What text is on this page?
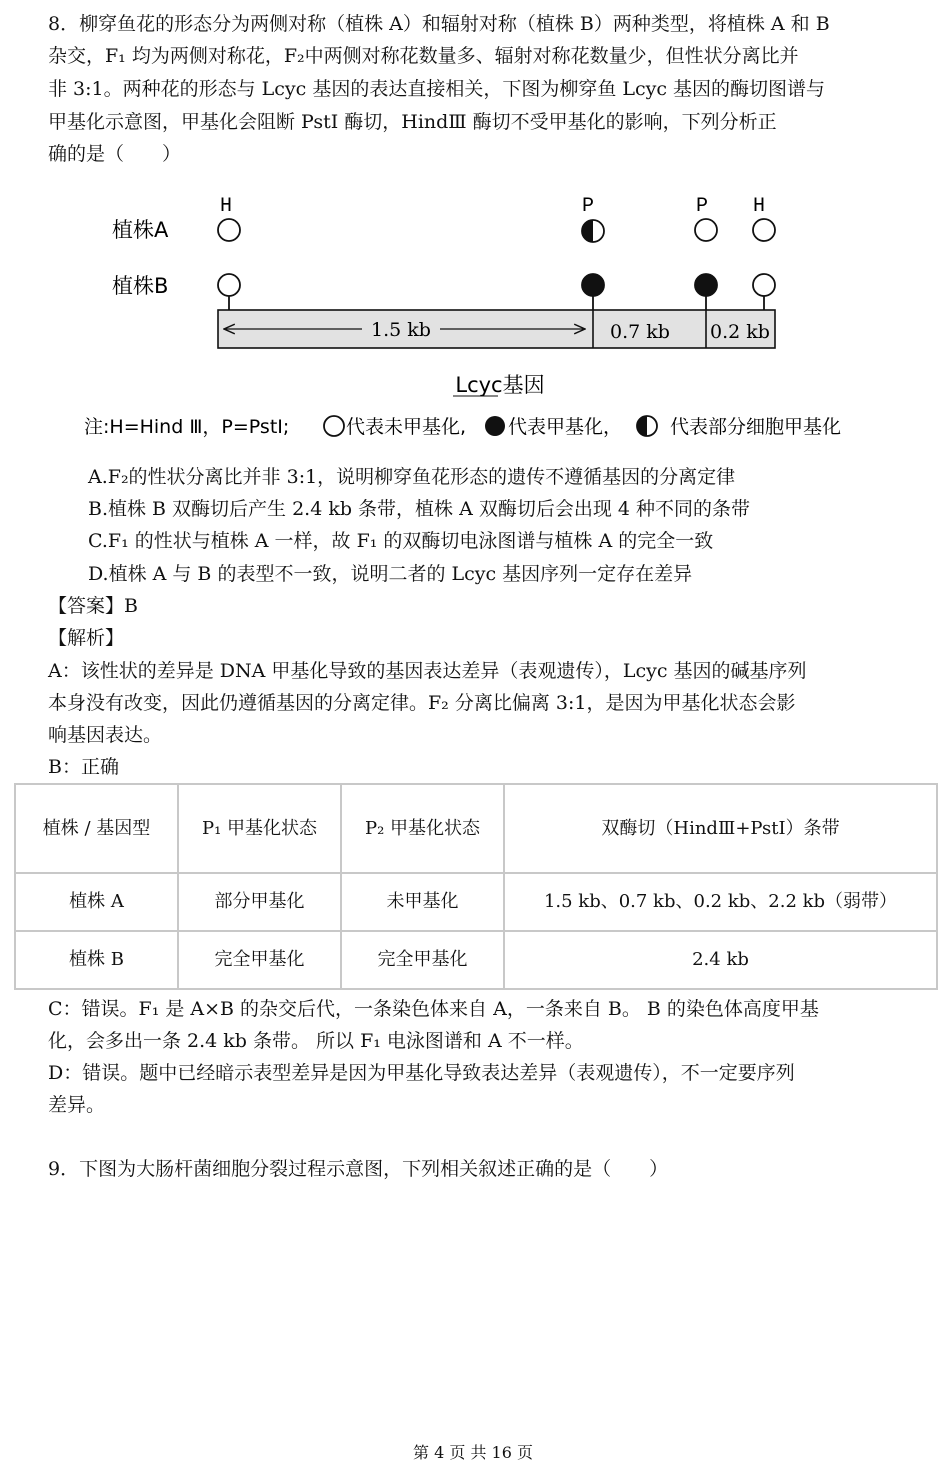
8．柳穿鱼花的形态分为两侧对称（植株 A）和辐射对称（植株 B）两种类型，将植株 A 和 B
杂交，F₁ 均为两侧对称花，F₂中两侧对称花数量多、辐射对称花数量少，但性状分离比并
非 3:1。两种花的形态与 Lcyc 基因的表达直接相关，下图为柳穿鱼 Lcyc 基因的酶切图谱与
甲基化示意图，甲基化会阻断 PstⅠ 酶切，HindⅢ 酶切不受甲基化的影响，下列分析正
确的是（　　）
H	P	P H
植株A
植株B
1.5 kb	0.7 kb 0.2 kb
Lcyc基因
注:H=Hind Ⅲ，P=PstⅠ;	代表未甲基化, 代表甲基化，	代表部分细胞甲基化
A.F₂的性状分离比并非 3:1，说明柳穿鱼花形态的遗传不遵循基因的分离定律
B.植株 B 双酶切后产生 2.4 kb 条带，植株 A 双酶切后会出现 4 种不同的条带
C.F₁ 的性状与植株 A 一样，故 F₁ 的双酶切电泳图谱与植株 A 的完全一致
D.植株 A 与 B 的表型不一致，说明二者的 Lcyc 基因序列一定存在差异
【答案】B
【解析】
A：该性状的差异是 DNA 甲基化导致的基因表达差异（表观遗传），Lcyc 基因的碱基序列
本身没有改变，因此仍遵循基因的分离定律。F₂ 分离比偏离 3:1，是因为甲基化状态会影
响基因表达。
B：正确
植株 / 基因型	P₁ 甲基化状态	P₂ 甲基化状态	双酶切（HindⅢ+PstⅠ）条带
植株 A	部分甲基化	未甲基化	1.5 kb、0.7 kb、0.2 kb、2.2 kb（弱带）
植株 B	完全甲基化	完全甲基化	2.4 kb
C：错误。F₁ 是 A×B 的杂交后代，一条染色体来自 A，一条来自 B。 B 的染色体高度甲基
化，会多出一条 2.4 kb 条带。 所以 F₁ 电泳图谱和 A 不一样。
D：错误。题中已经暗示表型差异是因为甲基化导致表达差异（表观遗传），不一定要序列
差异。
9．下图为大肠杆菌细胞分裂过程示意图，下列相关叙述正确的是（　　）
第 4 页 共 16 页
